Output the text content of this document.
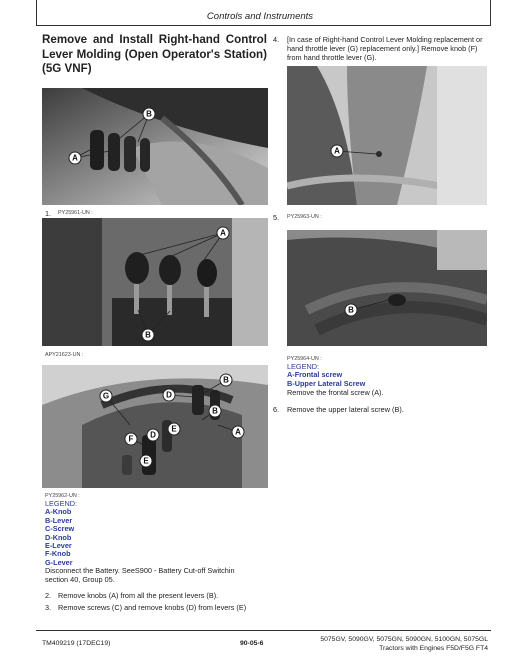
Controls and Instruments
Remove and Install Right-hand Control Lever Molding (Open Operator's Station) (5G VNF)
B
A
1. PY25961-UN :
A
B
APY21623-UN :
B
D
G
B
A
E
D
F
E
PY25962-UN :
LEGEND:
A-Knob
B-Lever
C-Screw
D-Knob
E-Lever
F-Knob
G-Lever
Disconnect the Battery. SeeS900 - Battery Cut-off Switchin
section 40, Group 05.
2. Remove knobs (A) from all the present levers (B).
3. Remove screws (C) and remove knobs (D) from levers (E)
4. [In case of Right-hand Control Lever Molding replacement or
hand throttle lever (G) replacement only.] Remove knob (F)
from hand throttle lever (G).
A
5. PY25963-UN :
B
PY25964-UN :
LEGEND:
A-Frontal screw
B-Upper Lateral Screw
Remove the frontal screw (A).
6. Remove the upper lateral screw (B).
TM409219 (17DEC19)	90-05-6
5075GV, 5090GV, 5075GN, 5090GN, 5100GN, 5075GL
Tractors with Engines F5D/F5G FT4
